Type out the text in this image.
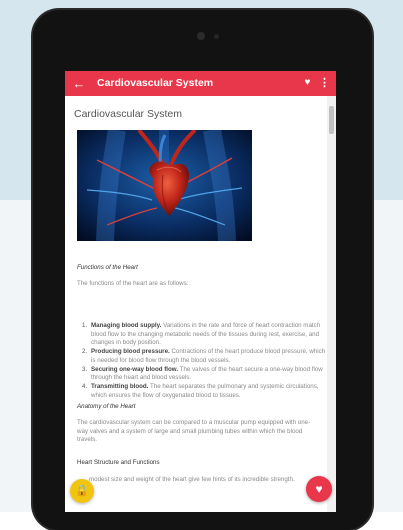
← Cardiovascular System	♥ ⋮
Cardiovascular System
Functions of the Heart
The functions of the heart are as follows:
1. Managing blood supply. Variations in the rate and force of heart contraction match blood flow to the changing metabolic needs of the tissues during rest, exercise, and changes in body position.
2. Producing blood pressure. Contractions of the heart produce blood pressure, which is needed for blood flow through the blood vessels.
3. Securing one-way blood flow. The valves of the heart secure a one-way blood flow through the heart and blood vessels.
4. Transmitting blood. The heart separates the pulmonary and systemic circulations, which ensures the flow of oxygenated blood to tissues.
Anatomy of the Heart
The cardiovascular system can be compared to a muscular pump equipped with one-way valves and a system of large and small plumbing tubes within which the blood travels.
Heart Structure and Functions
modest size and weight of the heart give few hints of its incredible strength.
🔒	♥
